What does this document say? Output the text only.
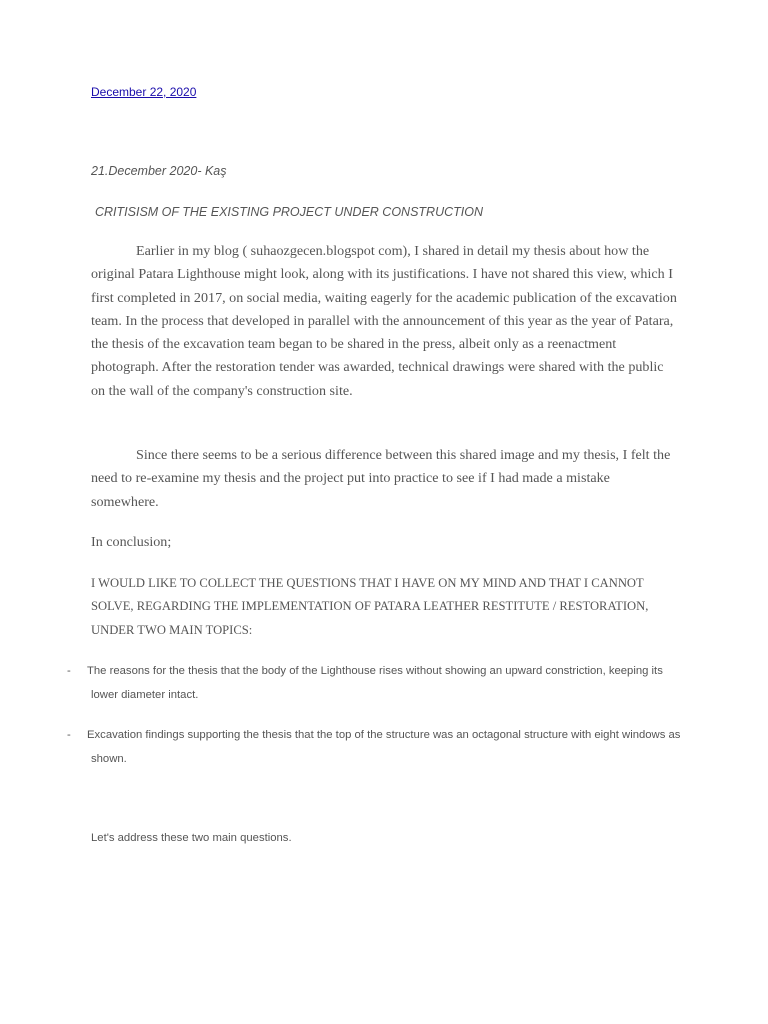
December 22, 2020
21.December 2020- Kaş
CRITISISM OF THE EXISTING PROJECT UNDER CONSTRUCTION

Earlier in my blog ( suhaozgecen.blogspot com), I shared in detail my thesis about how the original Patara Lighthouse might look, along with its justifications. I have not shared this view, which I first completed in 2017, on social media, waiting eagerly for the academic publication of the excavation team. In the process that developed in parallel with the announcement of this year as the year of Patara, the thesis of the excavation team began to be shared in the press, albeit only as a reenactment photograph. After the restoration tender was awarded, technical drawings were shared with the public on the wall of the company's construction site.

Since there seems to be a serious difference between this shared image and my thesis, I felt the need to re-examine my thesis and the project put into practice to see if I had made a mistake somewhere.

In conclusion;

I WOULD LIKE TO COLLECT THE QUESTIONS THAT I HAVE ON MY MIND AND THAT I CANNOT SOLVE, REGARDING THE IMPLEMENTATION OF PATARA LEATHER RESTITUTE / RESTORATION, UNDER TWO MAIN TOPICS:

- The reasons for the thesis that the body of the Lighthouse rises without showing an upward constriction, keeping its lower diameter intact.

- Excavation findings supporting the thesis that the top of the structure was an octagonal structure with eight windows as shown.

Let's address these two main questions.
